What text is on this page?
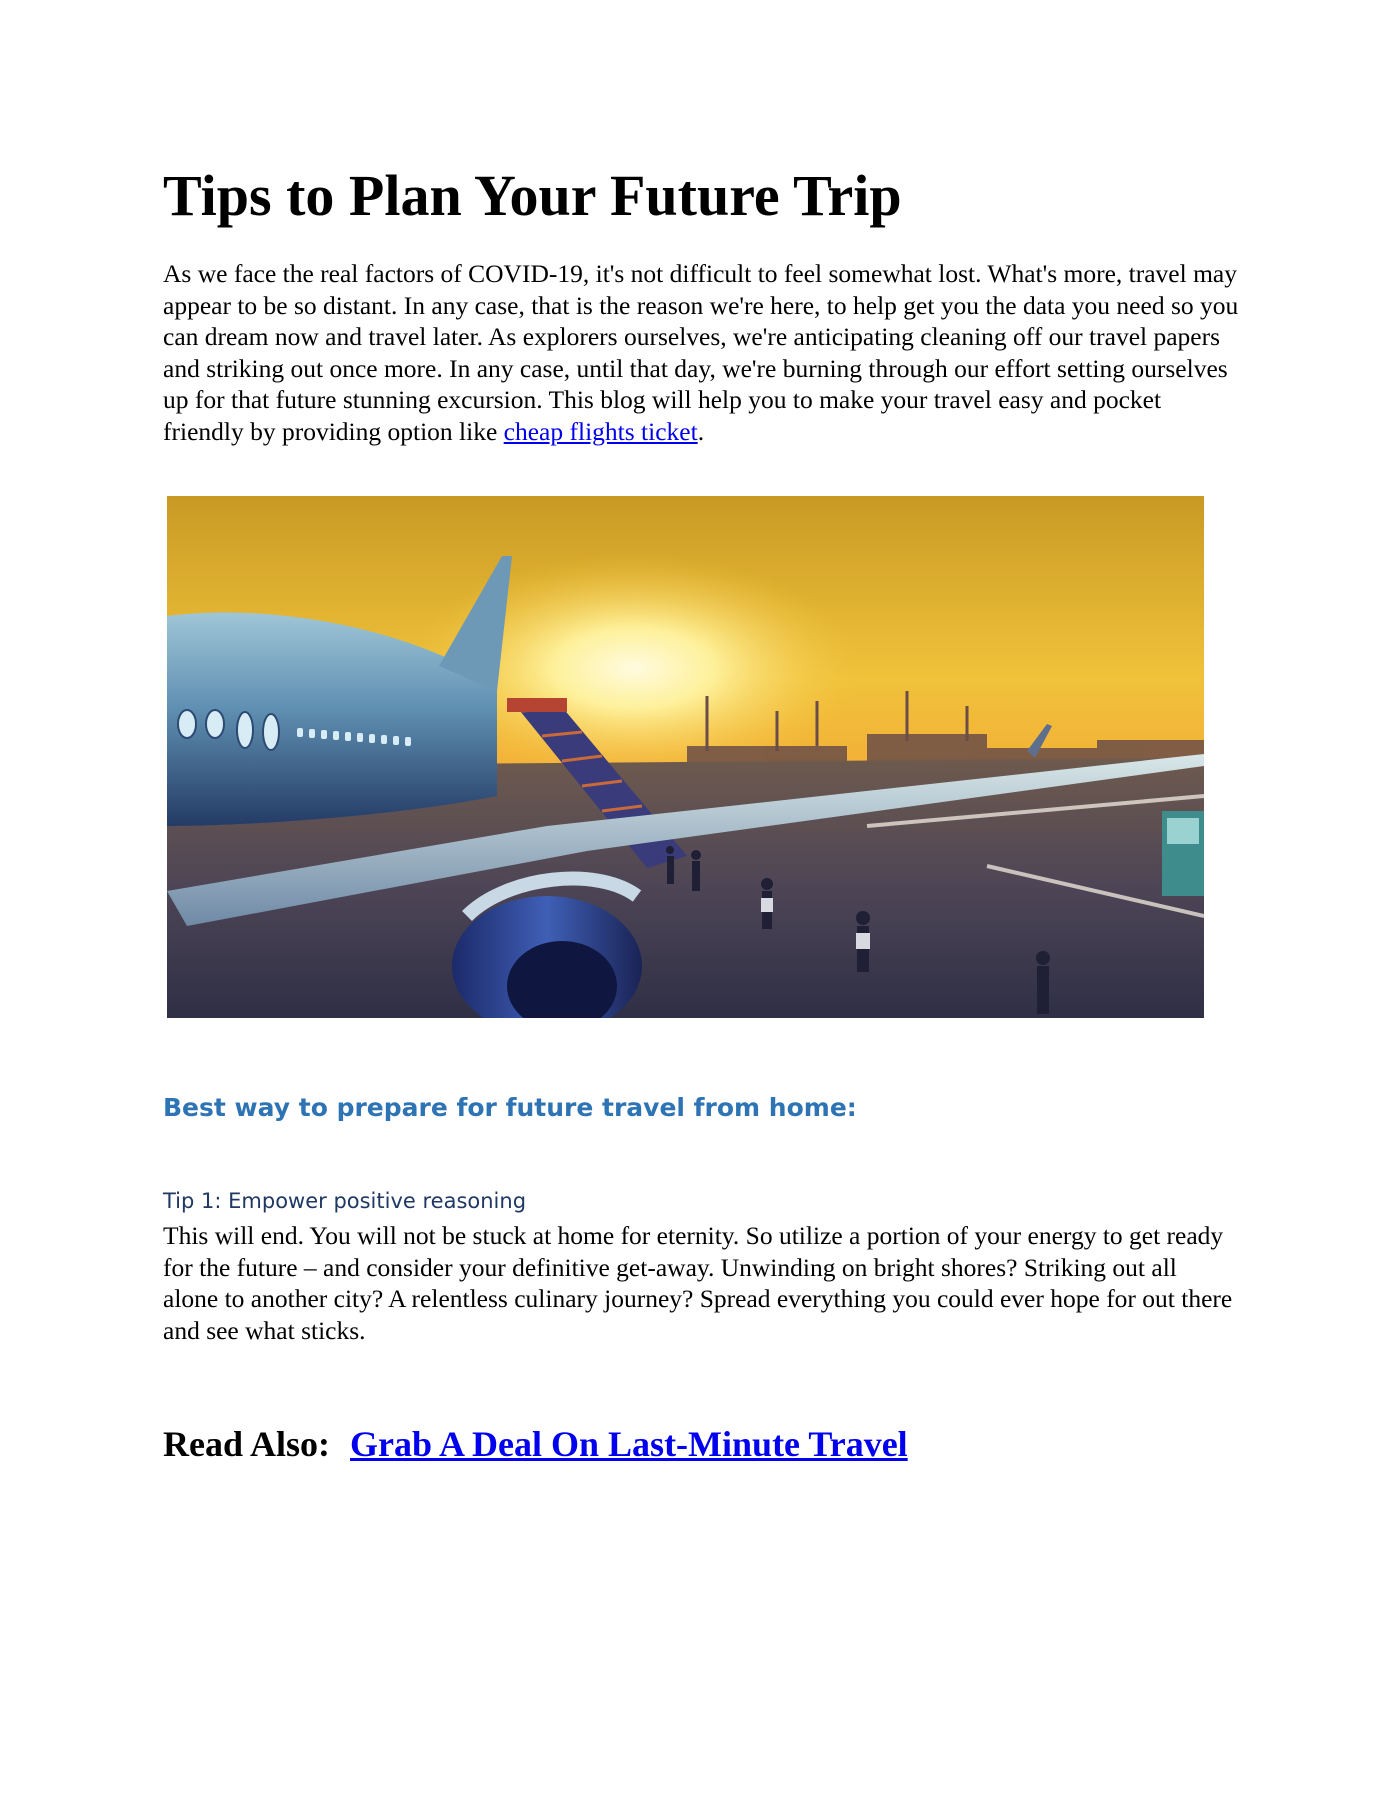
Tips to Plan Your Future Trip

As we face the real factors of COVID-19, it's not difficult to feel somewhat lost. What's more, travel may appear to be so distant. In any case, that is the reason we're here, to help get you the data you need so you can dream now and travel later. As explorers ourselves, we're anticipating cleaning off our travel papers and striking out once more. In any case, until that day, we're burning through our effort setting ourselves up for that future stunning excursion. This blog will help you to make your travel easy and pocket friendly by providing option like cheap flights ticket.

Best way to prepare for future travel from home:
Tip 1: Empower positive reasoning

This will end. You will not be stuck at home for eternity. So utilize a portion of your energy to get ready for the future – and consider your definitive get-away. Unwinding on bright shores? Striking out all alone to another city? A relentless culinary journey? Spread everything you could ever hope for out there and see what sticks.

Read Also: Grab A Deal On Last-Minute Travel
